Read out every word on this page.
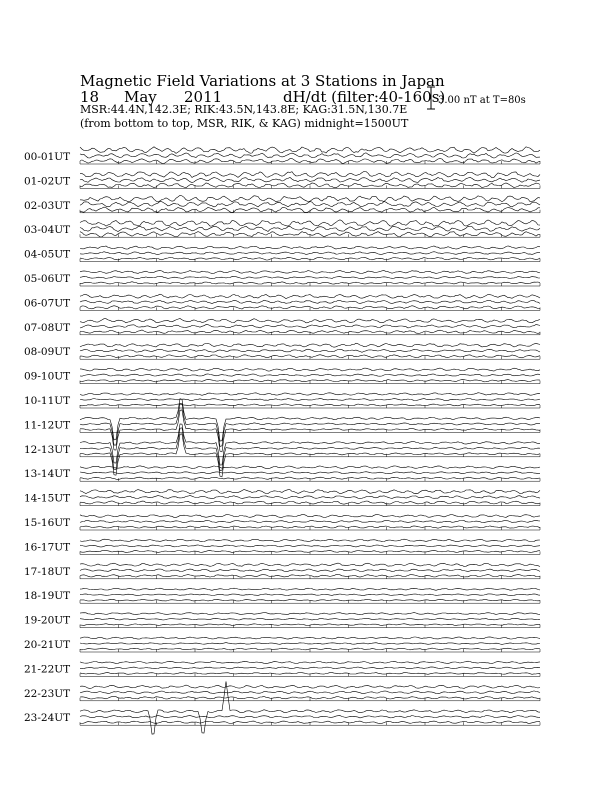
Magnetic Field Variations at 3 Stations in Japan
18 May 2011	dH/dt (filter:40-160s)
MSR:44.4N,142.3E; RIK:43.5N,143.8E; KAG:31.5N,130.7E
(from bottom to top, MSR, RIK, & KAG) midnight=1500UT
3.00 nT at T=80s
00-01UT
01-02UT
02-03UT
03-04UT
04-05UT
05-06UT
06-07UT
07-08UT
08-09UT
09-10UT
10-11UT
11-12UT
12-13UT
13-14UT
14-15UT
15-16UT
16-17UT
17-18UT
18-19UT
19-20UT
20-21UT
21-22UT
22-23UT
23-24UT
